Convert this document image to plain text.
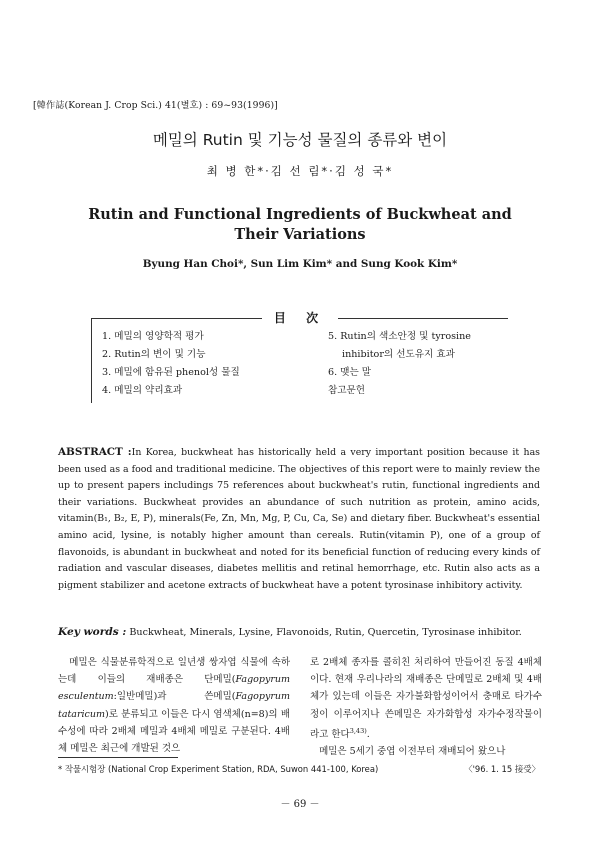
[韓作誌(Korean J. Crop Sci.) 41(별호) : 69~93(1996)]
메밀의 Rutin 및 기능성 물질의 종류와 변이
최 병 한*·김 선 림*·김 성 국*
Rutin and Functional Ingredients of Buckwheat and
Their Variations
Byung Han Choi*, Sun Lim Kim* and Sung Kook Kim*
1. 메밀의 영양학적 평가
2. Rutin의 변이 및 기능
3. 메밀에 함유된 phenol성 물질
4. 메밀의 약리효과
5. Rutin의 색소안정 및 tyrosine
inhibitor의 선도유지 효과
6. 맺는 말
참고문헌
目 次
ABSTRACT :In Korea, buckwheat has historically held a very important position because it has been used as a food and traditional medicine. The objectives of this report were to mainly review the up to present papers includings 75 references about buckwheat's rutin, functional ingredients and their variations. Buckwheat provides an abundance of such nutrition as protein, amino acids, vitamin(B₁, B₂, E, P), minerals(Fe, Zn, Mn, Mg, P, Cu, Ca, Se) and dietary fiber. Buckwheat's essential amino acid, lysine, is notably higher amount than cereals. Rutin(vitamin P), one of a group of flavonoids, is abundant in buckwheat and noted for its beneficial function of reducing every kinds of radiation and vascular diseases, diabetes mellitis and retinal hemorrhage, etc. Rutin also acts as a pigment stabilizer and acetone extracts of buckwheat have a potent tyrosinase inhibitory activity.
Key words : Buckwheat, Minerals, Lysine, Flavonoids, Rutin, Quercetin, Tyrosinase inhibitor.
메밀은 식물분류학적으로 일년생 쌍자엽 식물에 속하는데 이들의 재배종은 단메밀(Fagopyrum esculentum:일반메밀)과 쓴메밀(Fagopyrum tataricum)로 분류되고 이들은 다시 염색체(n=8)의 배수성에 따라 2배체 메밀과 4배체 메밀로 구분된다. 4배체 메밀은 최근에 개발된 것으
로 2배체 종자를 콜히친 처리하여 만들어진 동질 4배체이다. 현재 우리나라의 재배종은 단메밀로 2배체 및 4배체가 있는데 이들은 자가불화합성이어서 충매로 타가수정이 이루어지나 쓴메밀은 자가화합성 자가수정작물이라고 한다$^{3,43)}$.
메밀은 5세기 중엽 이전부터 재배되어 왔으나
* 작물시험장 (National Crop Experiment Station, RDA, Suwon 441-100, Korea)	〈'96. 1. 15 接受〉
－ 69 －
